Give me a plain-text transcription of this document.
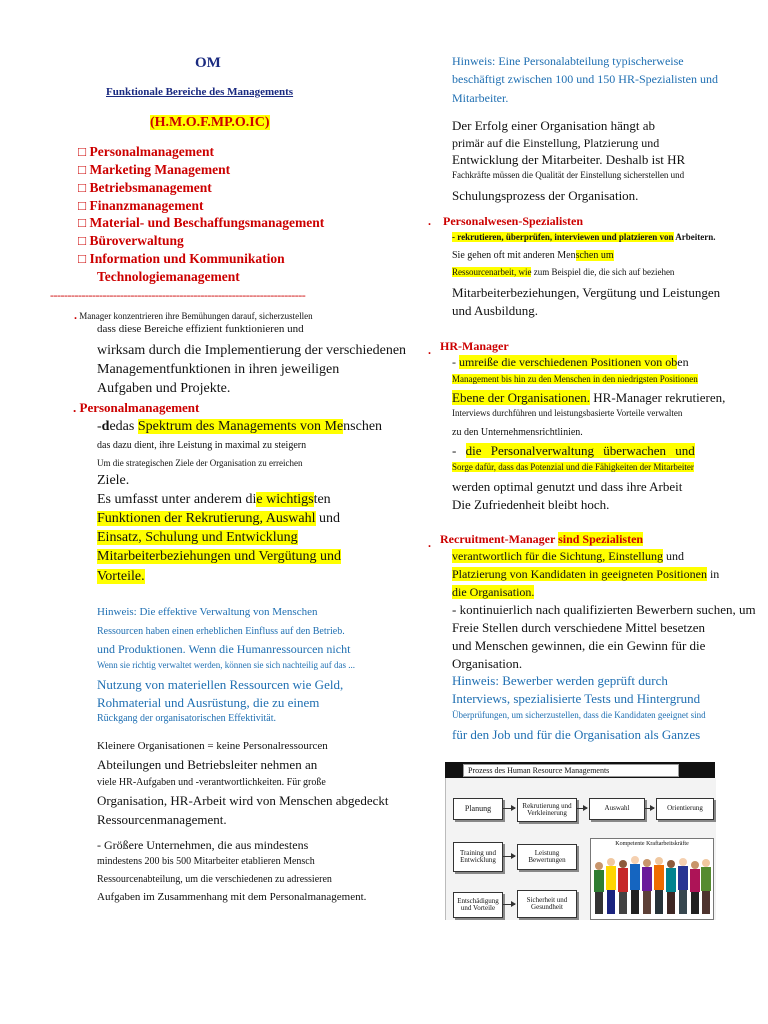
OM
Funktionale Bereiche des Managements
(H.M.O.F.MP.O.IC)
□ Personalmanagement
□ Marketing Management
□ Betriebsmanagement
□ Finanzmanagement
□ Material- und Beschaffungsmanagement
□ Büroverwaltung
□ Information und Kommunikation
Technologiemanagement
-------------------------------------------------------------------------
. Manager konzentrieren ihre Bemühungen darauf, sicherzustellen
dass diese Bereiche effizient funktionieren und
wirksam durch die Implementierung der verschiedenen
Managementfunktionen in ihren jeweiligen
Aufgaben und Projekte.
. Personalmanagement
-dedas Spektrum des Managements von Menschen
das dazu dient, ihre Leistung in maximal zu steigern
Um die strategischen Ziele der Organisation zu erreichen
Ziele.
Es umfasst unter anderem die wichtigsten
Funktionen der Rekrutierung, Auswahl und
Einsatz, Schulung und Entwicklung
Mitarbeiterbeziehungen und Vergütung und
Vorteile.
Hinweis: Die effektive Verwaltung von Menschen
Ressourcen haben einen erheblichen Einfluss auf den Betrieb.
und Produktionen. Wenn die Humanressourcen nicht
Wenn sie richtig verwaltet werden, können sie sich nachteilig auf das ...
Nutzung von materiellen Ressourcen wie Geld,
Rohmaterial und Ausrüstung, die zu einem
Rückgang der organisatorischen Effektivität.
Kleinere Organisationen = keine Personalressourcen
Abteilungen und Betriebsleiter nehmen an
viele HR-Aufgaben und -verantwortlichkeiten. Für große
Organisation, HR-Arbeit wird von Menschen abgedeckt
Ressourcenmanagement.
- Größere Unternehmen, die aus mindestens
mindestens 200 bis 500 Mitarbeiter etablieren Mensch
Ressourcenabteilung, um die verschiedenen zu adressieren
Aufgaben im Zusammenhang mit dem Personalmanagement.
Hinweis: Eine Personalabteilung typischerweise
beschäftigt zwischen 100 und 150 HR-Spezialisten und
Mitarbeiter.
Der Erfolg einer Organisation hängt ab
primär auf die Einstellung, Platzierung und
Entwicklung der Mitarbeiter. Deshalb ist HR
Fachkräfte müssen die Qualität der Einstellung sicherstellen und
Schulungsprozess der Organisation.
.    Personalwesen-Spezialisten
- rekrutieren, überprüfen, interviewen und platzieren von Arbeitern.
Sie gehen oft mit anderen Menschen um
Ressourcenarbeit, wie zum Beispiel die, die sich auf beziehen
Mitarbeiterbeziehungen, Vergütung und Leistungen
und Ausbildung.
. HR-Manager
- umreiße die verschiedenen Positionen von oben
Management bis hin zu den Menschen in den niedrigsten Positionen
Ebene der Organisationen. HR-Manager rekrutieren,
Interviews durchführen und leistungsbasierte Vorteile verwalten
zu den Unternehmensrichtlinien.
- die Personalverwaltung überwachen und
Sorge dafür, dass das Potenzial und die Fähigkeiten der Mitarbeiter
werden optimal genutzt und dass ihre Arbeit
Die Zufriedenheit bleibt hoch.
. Recruitment-Manager sind Spezialisten
verantwortlich für die Sichtung, Einstellung und
Platzierung von Kandidaten in geeigneten Positionen in
die Organisation.
- kontinuierlich nach qualifizierten Bewerbern suchen, um
Freie Stellen durch verschiedene Mittel besetzen
und Menschen gewinnen, die ein Gewinn für die
Organisation.
Hinweis: Bewerber werden geprüft durch
Interviews, spezialisierte Tests und Hintergrund
Überprüfungen, um sicherzustellen, dass die Kandidaten geeignet sind
für den Job und für die Organisation als Ganzes
Prozess des Human Resource Managements
Planung	Rekrutierung und Verkleinerung
Auswahl	Orientierung
Training und Entwicklung
Leistung Bewertungen
Entschädigung und Vorteile
Sicherheit und Gesundheit
Kompetente Kraftarbeitskräfte
